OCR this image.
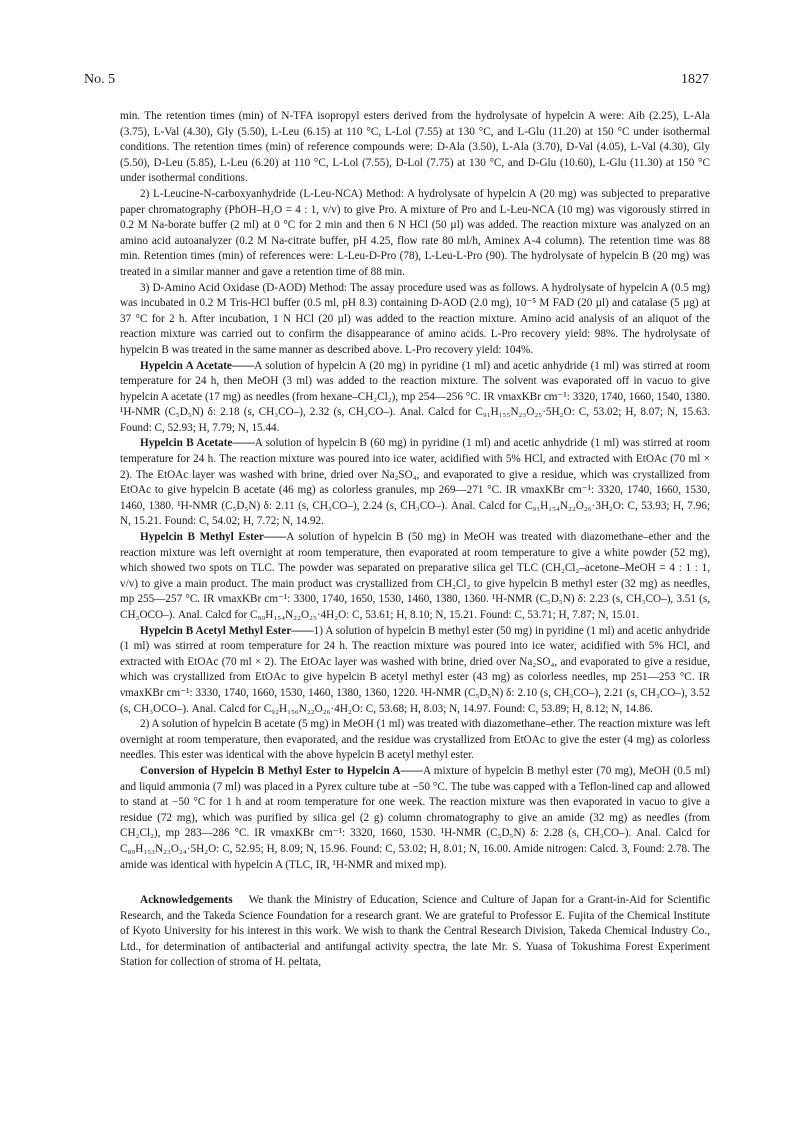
No. 5	1827

min. The retention times (min) of N-TFA isopropyl esters derived from the hydrolysate of hypelcin A were: Aib (2.25), L-Ala (3.75), L-Val (4.30), Gly (5.50), L-Leu (6.15) at 110 °C, L-Lol (7.55) at 130 °C, and L-Glu (11.20) at 150 °C under isothermal conditions. The retention times (min) of reference compounds were: D-Ala (3.50), L-Ala (3.70), D-Val (4.05), L-Val (4.30), Gly (5.50), D-Leu (5.85), L-Leu (6.20) at 110 °C, L-Lol (7.55), D-Lol (7.75) at 130 °C, and D-Glu (10.60), L-Glu (11.30) at 150 °C under isothermal conditions.

2) L-Leucine-N-carboxyanhydride (L-Leu-NCA) Method: A hydrolysate of hypelcin A (20 mg) was subjected to preparative paper chromatography (PhOH–H₂O = 4 : 1, v/v) to give Pro. A mixture of Pro and L-Leu-NCA (10 mg) was vigorously stirred in 0.2 M Na-borate buffer (2 ml) at 0 °C for 2 min and then 6 N HCl (50 µl) was added. The reaction mixture was analyzed on an amino acid autoanalyzer (0.2 M Na-citrate buffer, pH 4.25, flow rate 80 ml/h, Aminex A-4 column). The retention time was 88 min. Retention times (min) of references were: L-Leu-D-Pro (78), L-Leu-L-Pro (90). The hydrolysate of hypelcin B (20 mg) was treated in a similar manner and gave a retention time of 88 min.

3) D-Amino Acid Oxidase (D-AOD) Method: The assay procedure used was as follows. A hydrolysate of hypelcin A (0.5 mg) was incubated in 0.2 M Tris-HCl buffer (0.5 ml, pH 8.3) containing D-AOD (2.0 mg), 10⁻⁵ M FAD (20 µl) and catalase (5 µg) at 37 °C for 2 h. After incubation, 1 N HCl (20 µl) was added to the reaction mixture. Amino acid analysis of an aliquot of the reaction mixture was carried out to confirm the disappearance of amino acids. L-Pro recovery yield: 98%. The hydrolysate of hypelcin B was treated in the same manner as described above. L-Pro recovery yield: 104%.

Hypelcin A Acetate——A solution of hypelcin A (20 mg) in pyridine (1 ml) and acetic anhydride (1 ml) was stirred at room temperature for 24 h, then MeOH (3 ml) was added to the reaction mixture. The solvent was evaporated off in vacuo to give hypelcin A acetate (17 mg) as needles (from hexane–CH₂Cl₂), mp 254—256 °C. IR νmaxKBr cm⁻¹: 3320, 1740, 1660, 1540, 1380. ¹H-NMR (C₅D₅N) δ: 2.18 (s, CH₃CO–), 2.32 (s, CH₃CO–). Anal. Calcd for C₉₁H₁₅₅N₂₃O₂₅·5H₂O: C, 53.02; H, 8.07; N, 15.63. Found: C, 52.93; H, 7.79; N, 15.44.

Hypelcin B Acetate——A solution of hypelcin B (60 mg) in pyridine (1 ml) and acetic anhydride (1 ml) was stirred at room temperature for 24 h. The reaction mixture was poured into ice water, acidified with 5% HCl, and extracted with EtOAc (70 ml × 2). The EtOAc layer was washed with brine, dried over Na₂SO₄, and evaporated to give a residue, which was crystallized from EtOAc to give hypelcin B acetate (46 mg) as colorless granules, mp 269—271 °C. IR νmaxKBr cm⁻¹: 3320, 1740, 1660, 1530, 1460, 1380. ¹H-NMR (C₅D₅N) δ: 2.11 (s, CH₃CO–), 2.24 (s, CH₃CO–). Anal. Calcd for C₉₁H₁₅₄N₂₂O₂₆·3H₂O: C, 53.93; H, 7.96; N, 15.21. Found: C, 54.02; H, 7.72; N, 14.92.

Hypelcin B Methyl Ester——A solution of hypelcin B (50 mg) in MeOH was treated with diazomethane–ether and the reaction mixture was left overnight at room temperature, then evaporated at room temperature to give a white powder (52 mg), which showed two spots on TLC. The powder was separated on preparative silica gel TLC (CH₂Cl₂–acetone–MeOH = 4 : 1 : 1, v/v) to give a main product. The main product was crystallized from CH₂Cl₂ to give hypelcin B methyl ester (32 mg) as needles, mp 255—257 °C. IR νmaxKBr cm⁻¹: 3300, 1740, 1650, 1530, 1460, 1380, 1360. ¹H-NMR (C₅D₅N) δ: 2.23 (s, CH₃CO–), 3.51 (s, CH₃OCO–). Anal. Calcd for C₉₀H₁₅₄N₂₂O₂₅·4H₂O: C, 53.61; H, 8.10; N, 15.21. Found: C, 53.71; H, 7.87; N, 15.01.

Hypelcin B Acetyl Methyl Ester——1) A solution of hypelcin B methyl ester (50 mg) in pyridine (1 ml) and acetic anhydride (1 ml) was stirred at room temperature for 24 h. The reaction mixture was poured into ice water, acidified with 5% HCl, and extracted with EtOAc (70 ml × 2). The EtOAc layer was washed with brine, dried over Na₂SO₄, and evaporated to give a residue, which was crystallized from EtOAc to give hypelcin B acetyl methyl ester (43 mg) as colorless needles, mp 251—253 °C. IR νmaxKBr cm⁻¹: 3330, 1740, 1660, 1530, 1460, 1380, 1360, 1220. ¹H-NMR (C₅D₅N) δ: 2.10 (s, CH₃CO–), 2.21 (s, CH₃CO–), 3.52 (s, CH₃OCO–). Anal. Calcd for C₉₂H₁₅₆N₂₂O₂₆·4H₂O: C, 53.68; H, 8.03; N, 14.97. Found: C, 53.89; H, 8.12; N, 14.86.

2) A solution of hypelcin B acetate (5 mg) in MeOH (1 ml) was treated with diazomethane–ether. The reaction mixture was left overnight at room temperature, then evaporated, and the residue was crystallized from EtOAc to give the ester (4 mg) as colorless needles. This ester was identical with the above hypelcin B acetyl methyl ester.

Conversion of Hypelcin B Methyl Ester to Hypelcin A——A mixture of hypelcin B methyl ester (70 mg), MeOH (0.5 ml) and liquid ammonia (7 ml) was placed in a Pyrex culture tube at −50 °C. The tube was capped with a Teflon-lined cap and allowed to stand at −50 °C for 1 h and at room temperature for one week. The reaction mixture was then evaporated in vacuo to give a residue (72 mg), which was purified by silica gel (2 g) column chromatography to give an amide (32 mg) as needles (from CH₂Cl₂), mp 283—286 °C. IR νmaxKBr cm⁻¹: 3320, 1660, 1530. ¹H-NMR (C₅D₅N) δ: 2.28 (s, CH₃CO–). Anal. Calcd for C₈₉H₁₅₃N₂₃O₂₄·5H₂O: C, 52.95; H, 8.09; N, 15.96. Found: C, 53.02; H, 8.01; N, 16.00. Amide nitrogen: Calcd. 3, Found: 2.78. The amide was identical with hypelcin A (TLC, IR, ¹H-NMR and mixed mp).

Acknowledgements We thank the Ministry of Education, Science and Culture of Japan for a Grant-in-Aid for Scientific Research, and the Takeda Science Foundation for a research grant. We are grateful to Professor E. Fujita of the Chemical Institute of Kyoto University for his interest in this work. We wish to thank the Central Research Division, Takeda Chemical Industry Co., Ltd., for determination of antibacterial and antifungal activity spectra, the late Mr. S. Yuasa of Tokushima Forest Experiment Station for collection of stroma of H. peltata,
